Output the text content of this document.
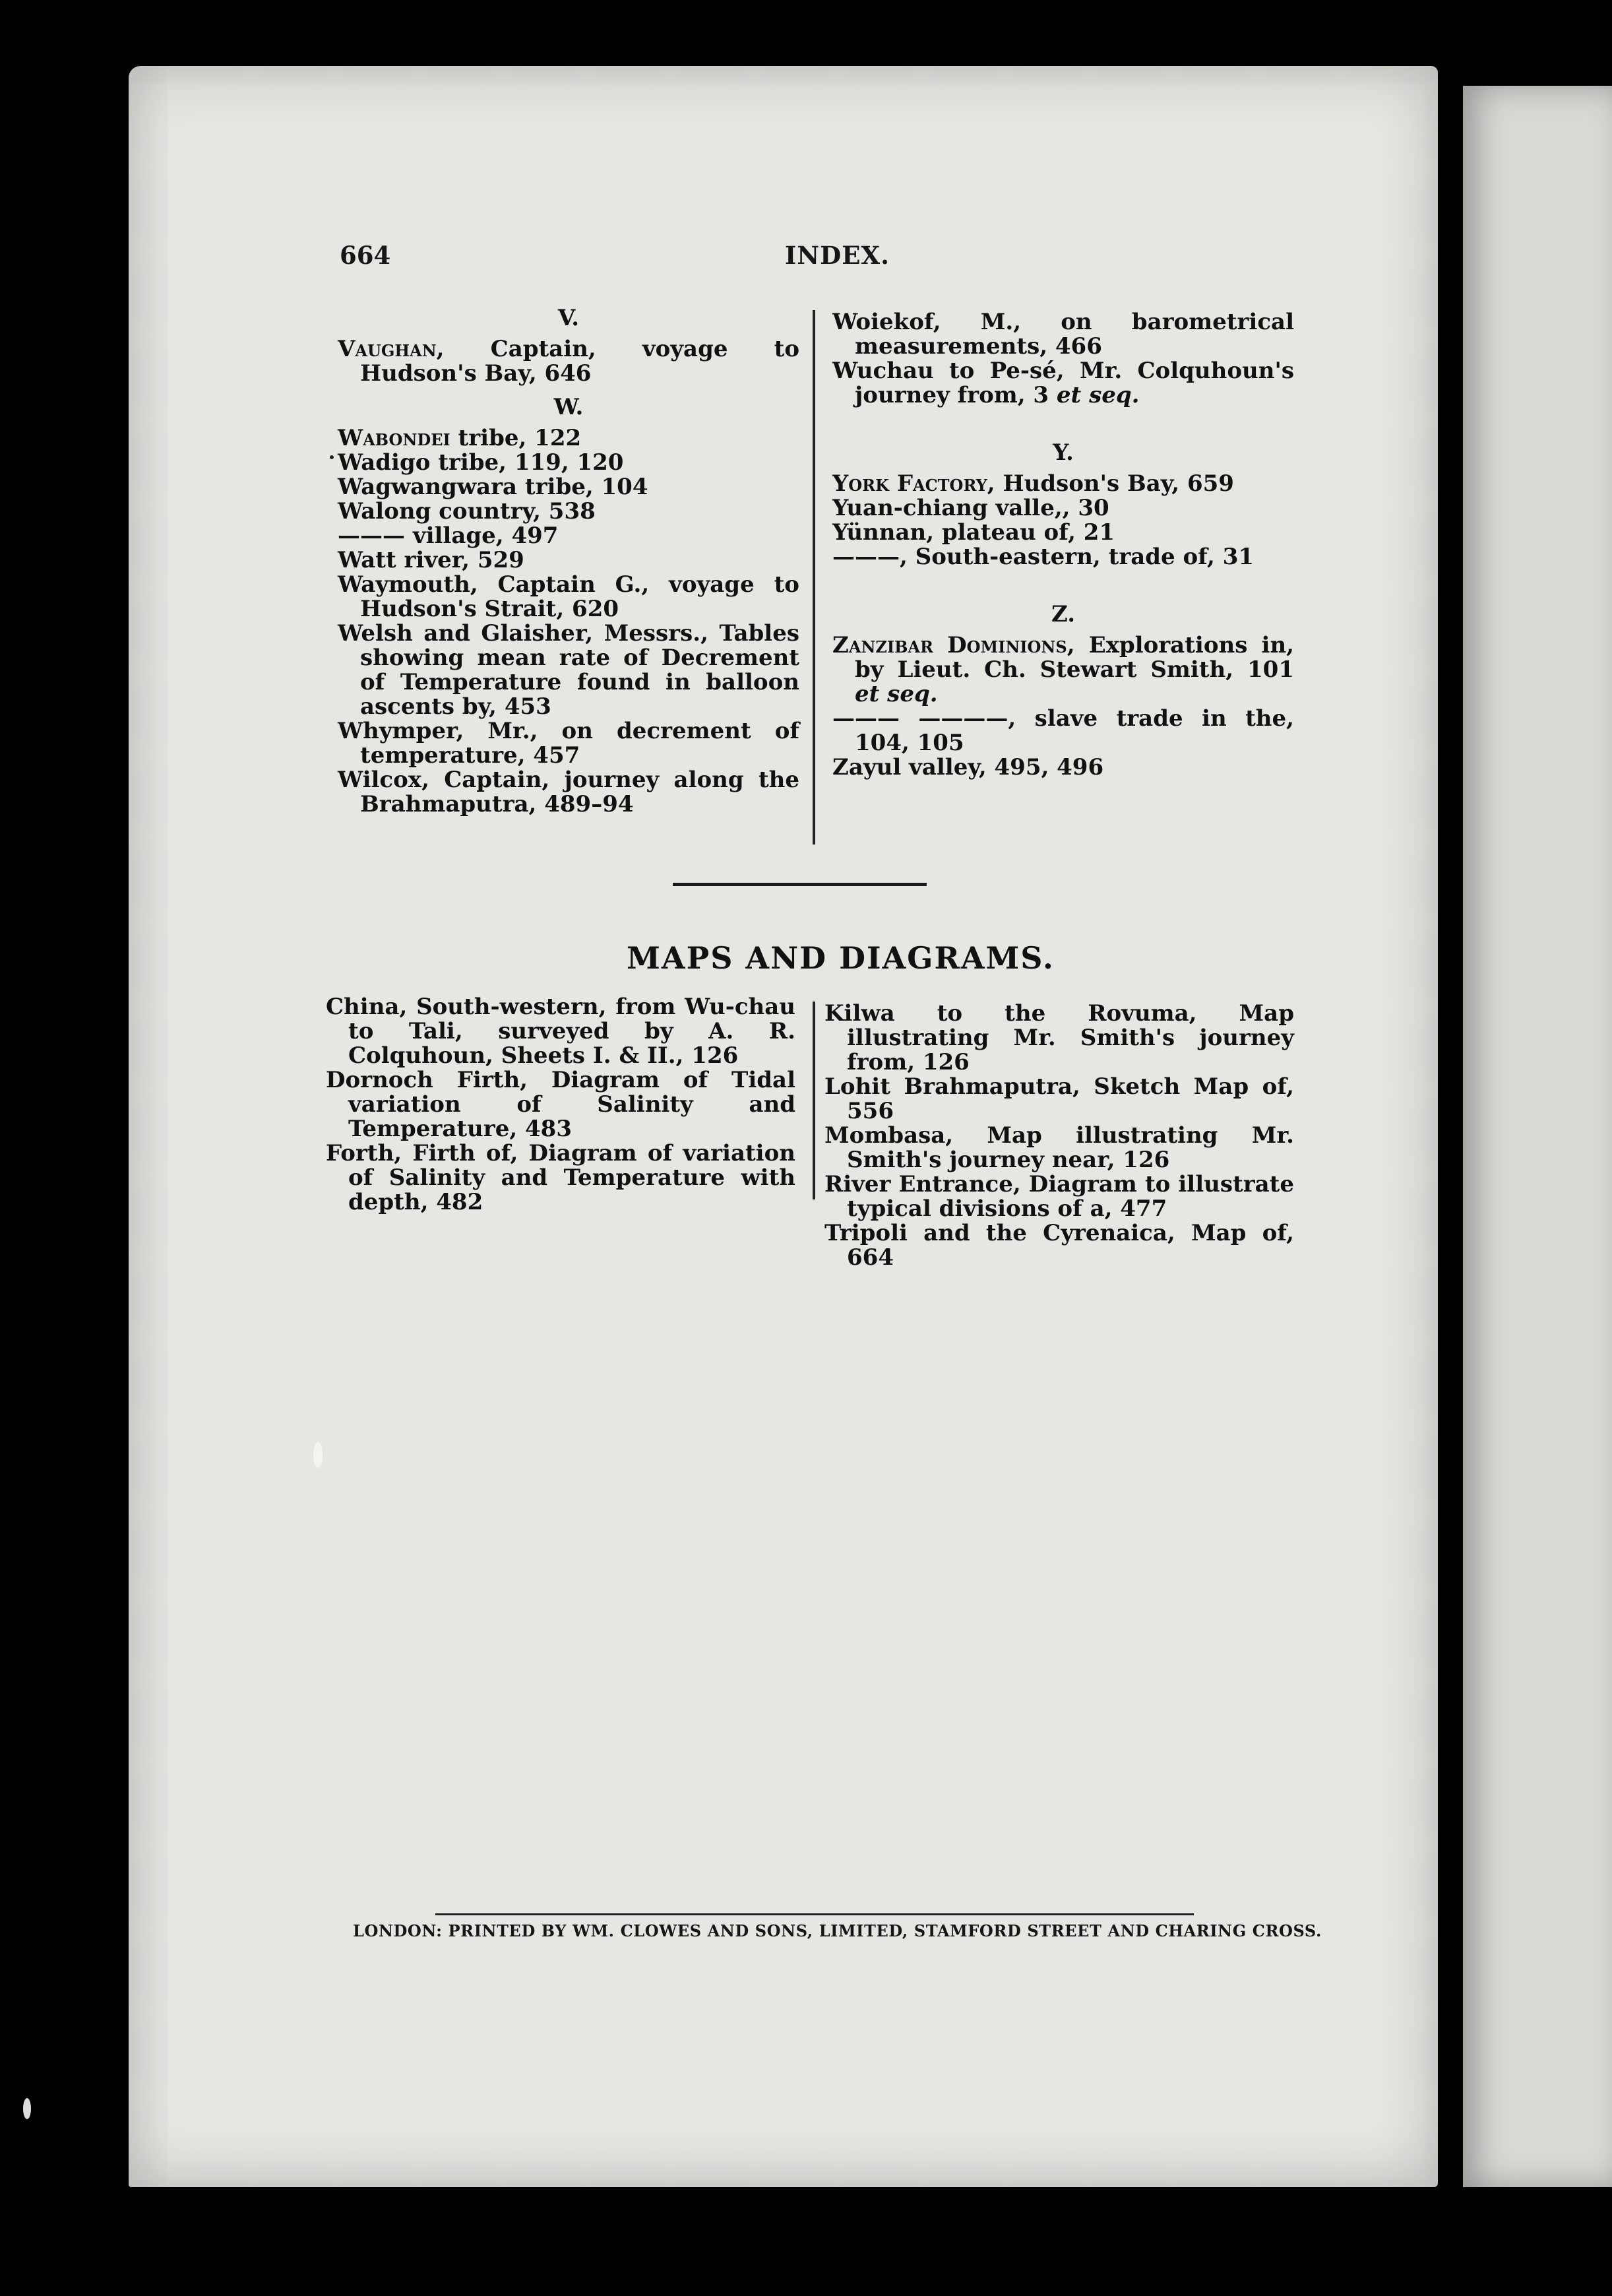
664	INDEX.
V.
Vaughan, Captain, voyage to Hudson's Bay, 646
W.
Wabondei tribe, 122
Wadigo tribe, 119, 120
Wagwangwara tribe, 104
Walong country, 538
——— village, 497
Watt river, 529
Waymouth, Captain G., voyage to Hudson's Strait, 620
Welsh and Glaisher, Messrs., Tables showing mean rate of Decrement of Temperature found in balloon ascents by, 453
Whymper, Mr., on decrement of temperature, 457
Wilcox, Captain, journey along the Brahmaputra, 489–94
Woiekof, M., on barometrical measurements, 466
Wuchau to Pe-sé, Mr. Colquhoun's journey from, 3 et seq.
Y.
York Factory, Hudson's Bay, 659
Yuan-chiang valle,, 30
Yünnan, plateau of, 21
———, South-eastern, trade of, 31
Z.
Zanzibar Dominions, Explorations in, by Lieut. Ch. Stewart Smith, 101 et seq.
——— ————, slave trade in the, 104, 105
Zayul valley, 495, 496
MAPS AND DIAGRAMS.
China, South-western, from Wu-chau to Tali, surveyed by A. R. Colquhoun, Sheets I. & II., 126
Dornoch Firth, Diagram of Tidal variation of Salinity and Temperature, 483
Forth, Firth of, Diagram of variation of Salinity and Temperature with depth, 482
Kilwa to the Rovuma, Map illustrating Mr. Smith's journey from, 126
Lohit Brahmaputra, Sketch Map of, 556
Mombasa, Map illustrating Mr. Smith's journey near, 126
River Entrance, Diagram to illustrate typical divisions of a, 477
Tripoli and the Cyrenaica, Map of, 664
LONDON: PRINTED BY WM. CLOWES AND SONS, LIMITED, STAMFORD STREET AND CHARING CROSS.
